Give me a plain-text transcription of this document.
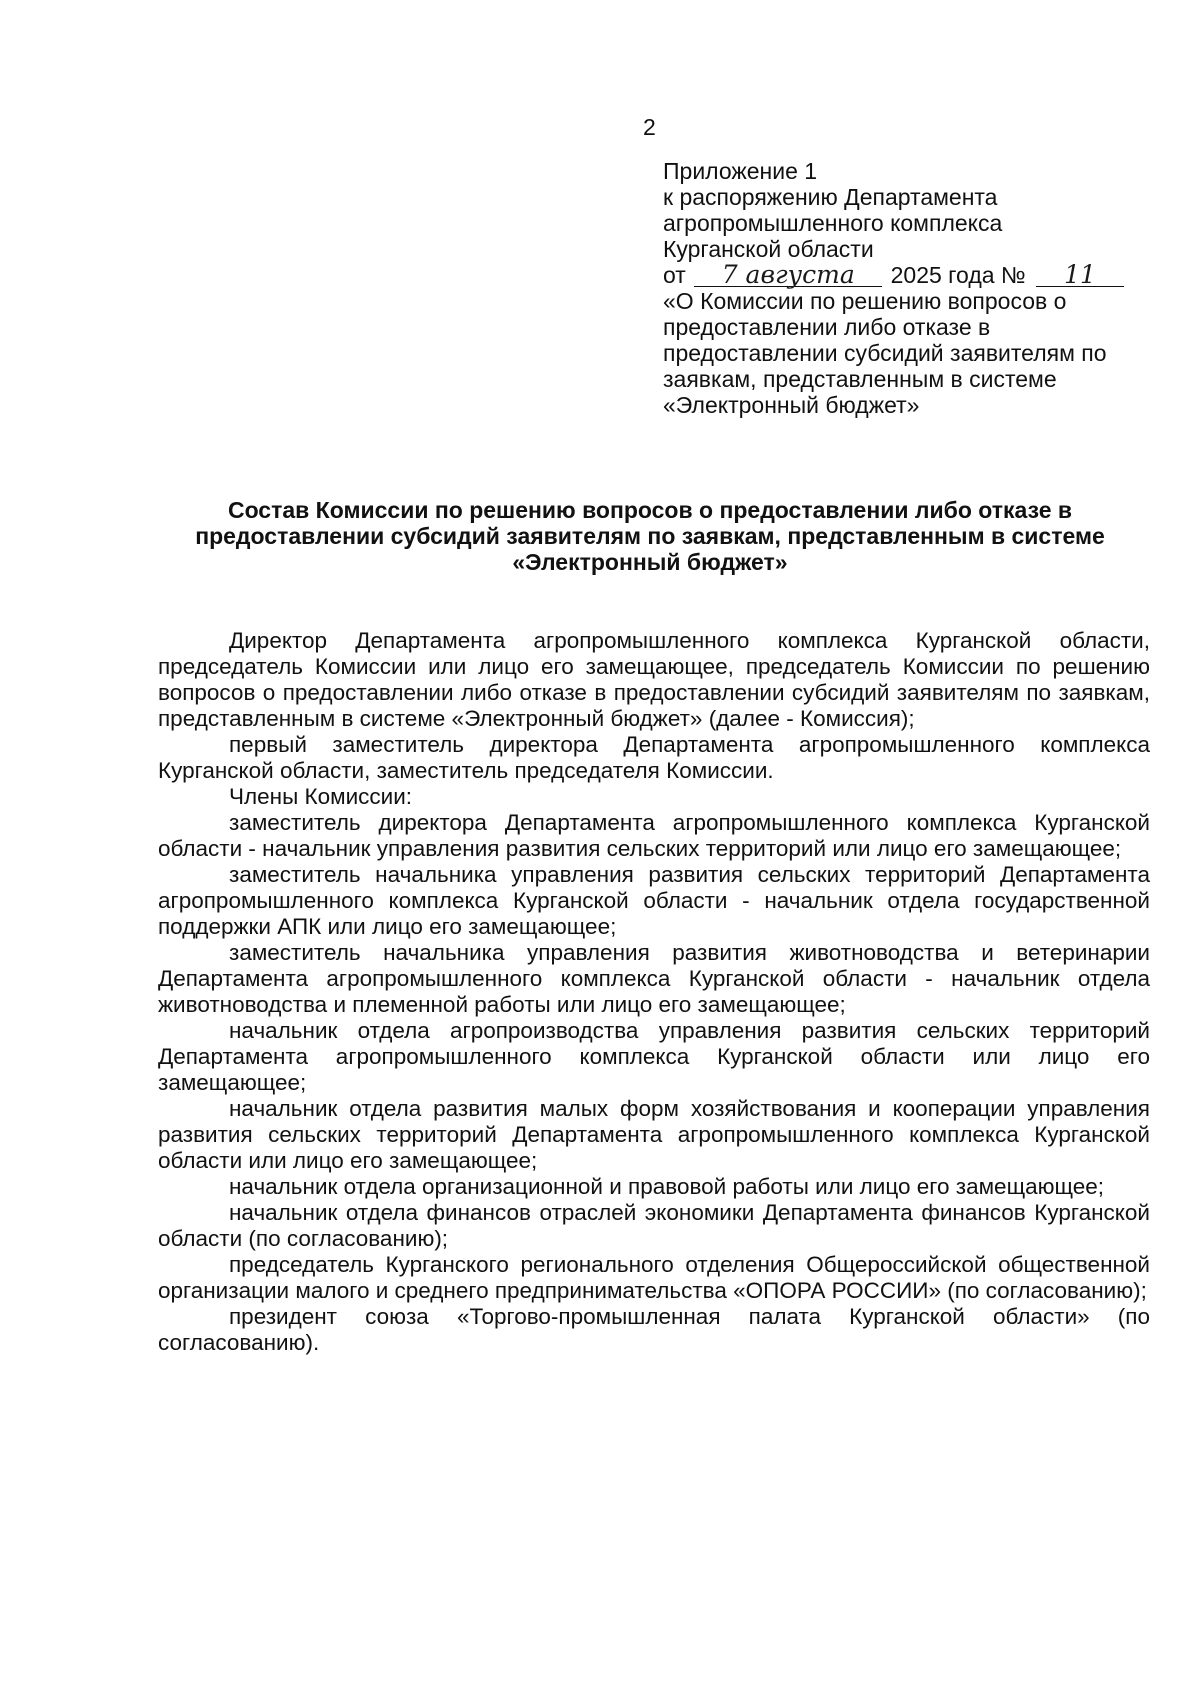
2
Приложение 1
к распоряжению Департамента
агропромышленного комплекса
Курганской области
от 7 августа 2025 года № 11
«О Комиссии по решению вопросов о
предоставлении либо отказе в
предоставлении субсидий заявителям по
заявкам, представленным в системе
«Электронный бюджет»
Состав Комиссии по решению вопросов о предоставлении либо отказе в
предоставлении субсидий заявителям по заявкам, представленным в системе
«Электронный бюджет»

Директор Департамента агропромышленного комплекса Курганской области, председатель Комиссии или лицо его замещающее, председатель Комиссии по решению вопросов о предоставлении либо отказе в предоставлении субсидий заявителям по заявкам, представленным в системе «Электронный бюджет» (далее - Комиссия);

первый заместитель директора Департамента агропромышленного комплекса Курганской области, заместитель председателя Комиссии.

Члены Комиссии:

заместитель директора Департамента агропромышленного комплекса Курганской области - начальник управления развития сельских территорий или лицо его замещающее;

заместитель начальника управления развития сельских территорий Департамента агропромышленного комплекса Курганской области - начальник отдела государственной поддержки АПК или лицо его замещающее;

заместитель начальника управления развития животноводства и ветеринарии Департамента агропромышленного комплекса Курганской области - начальник отдела животноводства и племенной работы или лицо его замещающее;

начальник отдела агропроизводства управления развития сельских территорий Департамента агропромышленного комплекса Курганской области или лицо его замещающее;

начальник отдела развития малых форм хозяйствования и кооперации управления развития сельских территорий Департамента агропромышленного комплекса Курганской области или лицо его замещающее;

начальник отдела организационной и правовой работы или лицо его замещающее;

начальник отдела финансов отраслей экономики Департамента финансов Курганской области (по согласованию);

председатель Курганского регионального отделения Общероссийской общественной организации малого и среднего предпринимательства «ОПОРА РОССИИ» (по согласованию);

президент союза «Торгово-промышленная палата Курганской области» (по согласованию).
